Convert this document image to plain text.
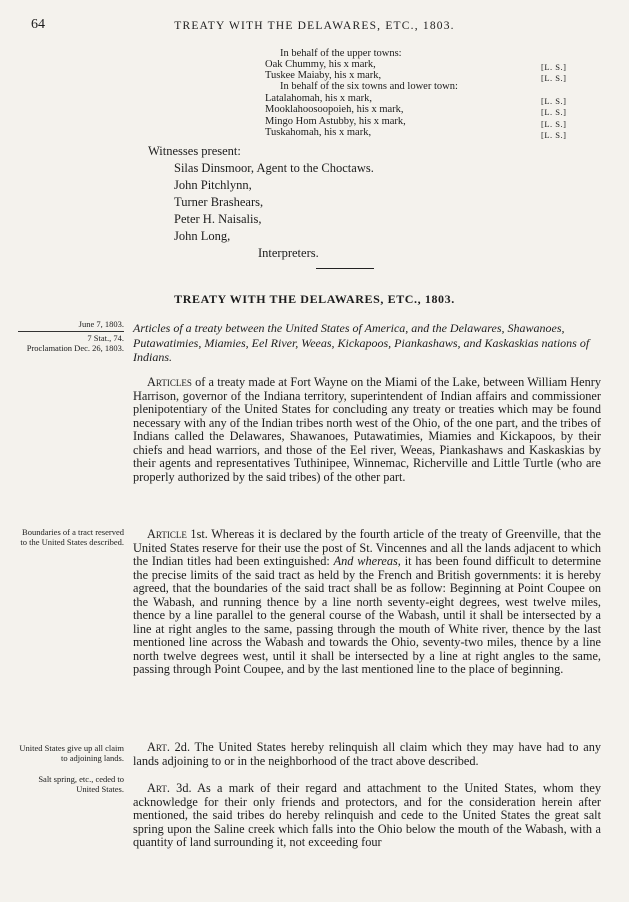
64	TREATY WITH THE DELAWARES, ETC., 1803.
In behalf of the upper towns:
Oak Chummy, his x mark,	[L. S.]
Tuskee Maiaby, his x mark,	[L. S.]
In behalf of the six towns and lower town:
Latalahomah, his x mark,	[L. S.]
Mooklahoosoopoieh, his x mark,	[L. S.]
Mingo Hom Astubby, his x mark,	[L. S.]
Tuskahomah, his x mark,	[L. S.]
Witnesses present:
Silas Dinsmoor, Agent to the Choctaws.
John Pitchlynn,
Turner Brashears,
Peter H. Naisalis,
John Long,
Interpreters.
TREATY WITH THE DELAWARES, ETC., 1803.
June 7, 1803.
7 Stat., 74.
Proclamation Dec. 26, 1803.
Articles of a treaty between the United States of America, and the Delawares, Shawanoes, Putawatimies, Miamies, Eel River, Weeas, Kickapoos, Piankashaws, and Kaskaskias nations of Indians.
Boundaries of a tract reserved to the United States described.
United States give up all claim to adjoining lands.
Salt spring, etc., ceded to United States.

Articles of a treaty made at Fort Wayne on the Miami of the Lake, between William Henry Harrison, governor of the Indiana territory, superintendent of Indian affairs and commissioner plenipotentiary of the United States for concluding any treaty or treaties which may be found necessary with any of the Indian tribes north west of the Ohio, of the one part, and the tribes of Indians called the Delawares, Shawanoes, Putawatimies, Miamies and Kickapoos, by their chiefs and head warriors, and those of the Eel river, Weeas, Piankashaws and Kaskaskias by their agents and representatives Tuthinipee, Winnemac, Richerville and Little Turtle (who are properly authorized by the said tribes) of the other part.

Article 1st. Whereas it is declared by the fourth article of the treaty of Greenville, that the United States reserve for their use the post of St. Vincennes and all the lands adjacent to which the Indian titles had been extinguished: And whereas, it has been found difficult to determine the precise limits of the said tract as held by the French and British governments: it is hereby agreed, that the boundaries of the said tract shall be as follow: Beginning at Point Coupee on the Wabash, and running thence by a line north seventy-eight degrees, west twelve miles, thence by a line parallel to the general course of the Wabash, until it shall be intersected by a line at right angles to the same, passing through the mouth of White river, thence by the last mentioned line across the Wabash and towards the Ohio, seventy-two miles, thence by a line north twelve degrees west, until it shall be intersected by a line at right angles to the same, passing through Point Coupee, and by the last mentioned line to the place of beginning.

Art. 2d. The United States hereby relinquish all claim which they may have had to any lands adjoining to or in the neighborhood of the tract above described.

Art. 3d. As a mark of their regard and attachment to the United States, whom they acknowledge for their only friends and protectors, and for the consideration herein after mentioned, the said tribes do hereby relinquish and cede to the United States the great salt spring upon the Saline creek which falls into the Ohio below the mouth of the Wabash, with a quantity of land surrounding it, not exceeding four
